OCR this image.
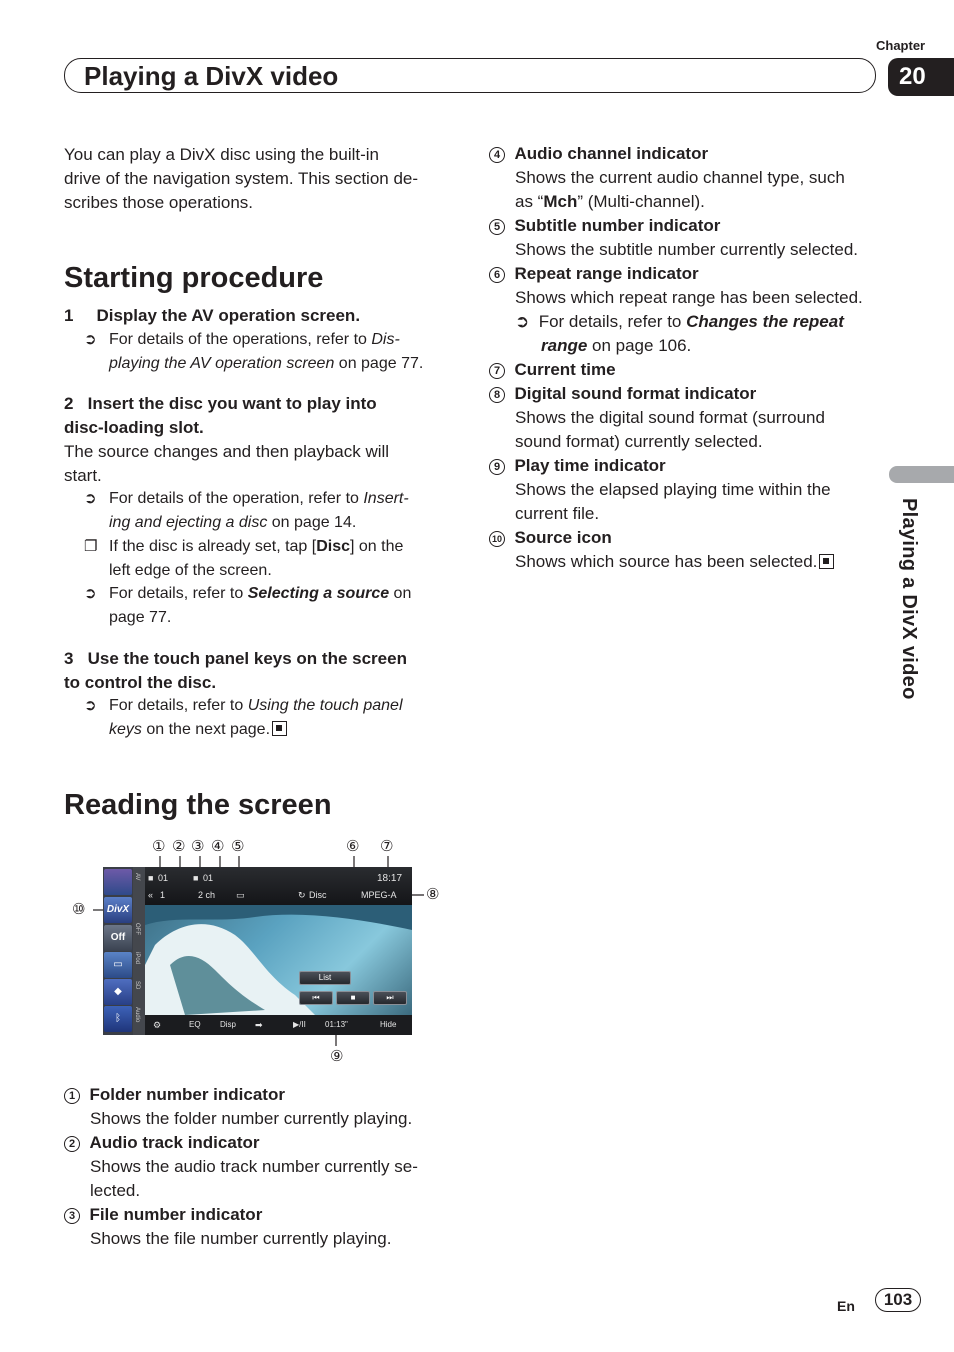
Chapter
Playing a DivX video	20
Playing a DivX video
You can play a DivX disc using the built-in
drive of the navigation system. This section de-
scribes those operations.
Starting procedure
1 Display the AV operation screen.
➲ For details of the operations, refer to Dis-
playing the AV operation screen on page 77.
2   Insert the disc you want to play into
disc-loading slot.
The source changes and then playback will
start.
➲ For details of the operation, refer to Insert-
ing and ejecting a disc on page 14.
❐ If the disc is already set, tap [Disc] on the
left edge of the screen.
➲ For details, refer to Selecting a source on
page 77.
3   Use the touch panel keys on the screen
to control the disc.
➲ For details, refer to Using the touch panel
keys on the next page.
Reading the screen
① ② ③ ④ ⑤	⑥ ⑦
⑧
⑩
⑨
DivX
Off
▭
◆
ᛒ
AV
OFF
iPod
SD
Audio
■ 01	■ 01
« 1	2 ch ▭	↻ Disc
18:17
MPEG-A
List
⏮	■	⏭
⚙	EQ Disp ➡	▶/II 01:13"	Hide
1 Folder number indicator
Shows the folder number currently playing.
2 Audio track indicator
Shows the audio track number currently se-
lected.
3 File number indicator
Shows the file number currently playing.
4 Audio channel indicator
Shows the current audio channel type, such
as “Mch” (Multi-channel).
5 Subtitle number indicator
Shows the subtitle number currently selected.
6 Repeat range indicator
Shows which repeat range has been selected.
➲ For details, refer to Changes the repeat
range on page 106.
7 Current time
8 Digital sound format indicator
Shows the digital sound format (surround
sound format) currently selected.
9 Play time indicator
Shows the elapsed playing time within the
current file.
10 Source icon
Shows which source has been selected.
En	103
